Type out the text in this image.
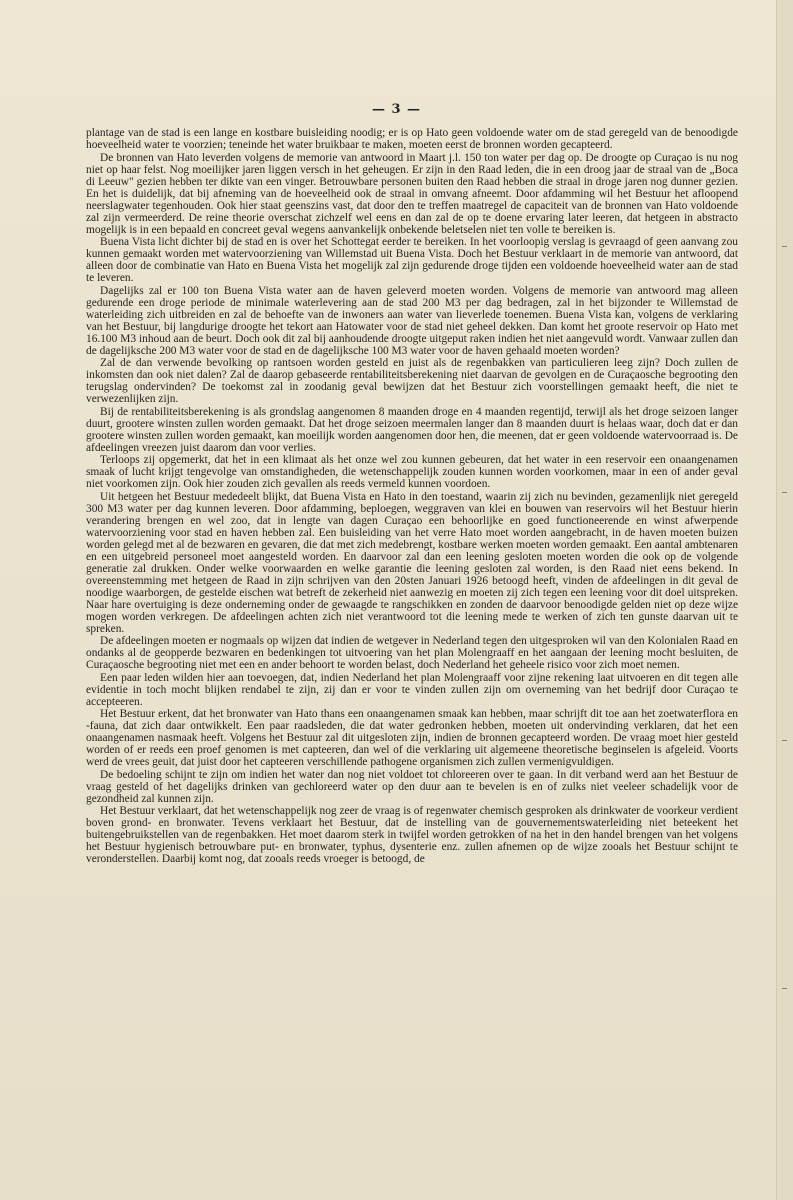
— 3 —

plantage van de stad is een lange en kostbare buisleiding noodig; er is op Hato geen voldoende water om de stad geregeld van de benoodigde hoeveelheid water te voorzien; teneinde het water bruikbaar te maken, moeten eerst de bronnen worden gecapteerd.

De bronnen van Hato leverden volgens de memorie van antwoord in Maart j.l. 150 ton water per dag op. De droogte op Curaçao is nu nog niet op haar felst. Nog moeilijker jaren liggen versch in het geheugen. Er zijn in den Raad leden, die in een droog jaar de straal van de „Boca di Leeuw" gezien hebben ter dikte van een vinger. Betrouwbare personen buiten den Raad hebben die straal in droge jaren nog dunner gezien. En het is duidelijk, dat bij afneming van de hoeveelheid ook de straal in omvang afneemt. Door afdamming wil het Bestuur het afloopend neerslagwater tegenhouden. Ook hier staat geenszins vast, dat door den te treffen maatregel de capaciteit van de bronnen van Hato voldoende zal zijn vermeerderd. De reine theorie overschat zichzelf wel eens en dan zal de op te doene ervaring later leeren, dat hetgeen in abstracto mogelijk is in een bepaald en concreet geval wegens aanvankelijk onbekende beletselen niet ten volle te bereiken is.

Buena Vista licht dichter bij de stad en is over het Schottegat eerder te bereiken. In het voorloopig verslag is gevraagd of geen aanvang zou kunnen gemaakt worden met watervoorziening van Willemstad uit Buena Vista. Doch het Bestuur verklaart in de memorie van antwoord, dat alleen door de combinatie van Hato en Buena Vista het mogelijk zal zijn gedurende droge tijden een voldoende hoeveelheid water aan de stad te leveren.

Dagelijks zal er 100 ton Buena Vista water aan de haven geleverd moeten worden. Volgens de memorie van antwoord mag alleen gedurende een droge periode de minimale waterlevering aan de stad 200 M3 per dag bedragen, zal in het bijzonder te Willemstad de waterleiding zich uitbreiden en zal de behoefte van de inwoners aan water van lieverlede toenemen. Buena Vista kan, volgens de verklaring van het Bestuur, bij langdurige droogte het tekort aan Hatowater voor de stad niet geheel dekken. Dan komt het groote reservoir op Hato met 16.100 M3 inhoud aan de beurt. Doch ook dit zal bij aanhoudende droogte uitgeput raken indien het niet aangevuld wordt. Vanwaar zullen dan de dagelijksche 200 M3 water voor de stad en de dagelijksche 100 M3 water voor de haven gehaald moeten worden?

Zal de dan verwende bevolking op rantsoen worden gesteld en juist als de regenbakken van particulieren leeg zijn? Doch zullen de inkomsten dan ook niet dalen? Zal de daarop gebaseerde rentabiliteitsberekening niet daarvan de gevolgen en de Curaçaosche begrooting den terugslag ondervinden? De toekomst zal in zoodanig geval bewijzen dat het Bestuur zich voorstellingen gemaakt heeft, die niet te verwezenlijken zijn.

Bij de rentabiliteitsberekening is als grondslag aangenomen 8 maanden droge en 4 maanden regentijd, terwijl als het droge seizoen langer duurt, grootere winsten zullen worden gemaakt. Dat het droge seizoen meermalen langer dan 8 maanden duurt is helaas waar, doch dat er dan grootere winsten zullen worden gemaakt, kan moeilijk worden aangenomen door hen, die meenen, dat er geen voldoende watervoorraad is. De afdeelingen vreezen juist daarom dan voor verlies.

Terloops zij opgemerkt, dat het in een klimaat als het onze wel zou kunnen gebeuren, dat het water in een reservoir een onaangenamen smaak of lucht krijgt tengevolge van omstandigheden, die wetenschappelijk zouden kunnen worden voorkomen, maar in een of ander geval niet voorkomen zijn. Ook hier zouden zich gevallen als reeds vermeld kunnen voordoen.

Uit hetgeen het Bestuur mededeelt blijkt, dat Buena Vista en Hato in den toestand, waarin zij zich nu bevinden, gezamenlijk niet geregeld 300 M3 water per dag kunnen leveren. Door afdamming, beploegen, weggraven van klei en bouwen van reservoirs wil het Bestuur hierin verandering brengen en wel zoo, dat in lengte van dagen Curaçao een behoorlijke en goed functioneerende en winst afwerpende watervoorziening voor stad en haven hebben zal. Een buisleiding van het verre Hato moet worden aangebracht, in de haven moeten buizen worden gelegd met al de bezwaren en gevaren, die dat met zich medebrengt, kostbare werken moeten worden gemaakt. Een aantal ambtenaren en een uitgebreid personeel moet aangesteld worden. En daarvoor zal dan een leening gesloten moeten worden die ook op de volgende generatie zal drukken. Onder welke voorwaarden en welke garantie die leening gesloten zal worden, is den Raad niet eens bekend. In overeenstemming met hetgeen de Raad in zijn schrijven van den 20sten Januari 1926 betoogd heeft, vinden de afdeelingen in dit geval de noodige waarborgen, de gestelde eischen wat betreft de zekerheid niet aanwezig en moeten zij zich tegen een leening voor dit doel uitspreken. Naar hare overtuiging is deze onderneming onder de gewaagde te rangschikken en zonden de daarvoor benoodigde gelden niet op deze wijze mogen worden verkregen. De afdeelingen achten zich niet verantwoord tot die leening mede te werken of zich ten gunste daarvan uit te spreken.

De afdeelingen moeten er nogmaals op wijzen dat indien de wetgever in Nederland tegen den uitgesproken wil van den Kolonialen Raad en ondanks al de geopperde bezwaren en bedenkingen tot uitvoering van het plan Molengraaff en het aangaan der leening mocht besluiten, de Curaçaosche begrooting niet met een en ander behoort te worden belast, doch Nederland het geheele risico voor zich moet nemen.

Een paar leden wilden hier aan toevoegen, dat, indien Nederland het plan Molengraaff voor zijne rekening laat uitvoeren en dit tegen alle evidentie in toch mocht blijken rendabel te zijn, zij dan er voor te vinden zullen zijn om overneming van het bedrijf door Curaçao te accepteeren.

Het Bestuur erkent, dat het bronwater van Hato thans een onaangenamen smaak kan hebben, maar schrijft dit toe aan het zoetwaterflora en -fauna, dat zich daar ontwikkelt. Een paar raadsleden, die dat water gedronken hebben, moeten uit ondervinding verklaren, dat het een onaangenamen nasmaak heeft. Volgens het Bestuur zal dit uitgesloten zijn, indien de bronnen gecapteerd worden. De vraag moet hier gesteld worden of er reeds een proef genomen is met capteeren, dan wel of die verklaring uit algemeene theoretische beginselen is afgeleid. Voorts werd de vrees geuit, dat juist door het capteeren verschillende pathogene organismen zich zullen vermenigvuldigen.

De bedoeling schijnt te zijn om indien het water dan nog niet voldoet tot chloreeren over te gaan. In dit verband werd aan het Bestuur de vraag gesteld of het dagelijks drinken van gechloreerd water op den duur aan te bevelen is en of zulks niet veeleer schadelijk voor de gezondheid zal kunnen zijn.

Het Bestuur verklaart, dat het wetenschappelijk nog zeer de vraag is of regenwater chemisch gesproken als drinkwater de voorkeur verdient boven grond- en bronwater. Tevens verklaart het Bestuur, dat de instelling van de gouvernementswaterleiding niet beteekent het buitengebruikstellen van de regenbakken. Het moet daarom sterk in twijfel worden getrokken of na het in den handel brengen van het volgens het Bestuur hygienisch betrouwbare put- en bronwater, typhus, dysenterie enz. zullen afnemen op de wijze zooals het Bestuur schijnt te veronderstellen. Daarbij komt nog, dat zooals reeds vroeger is betoogd, de
